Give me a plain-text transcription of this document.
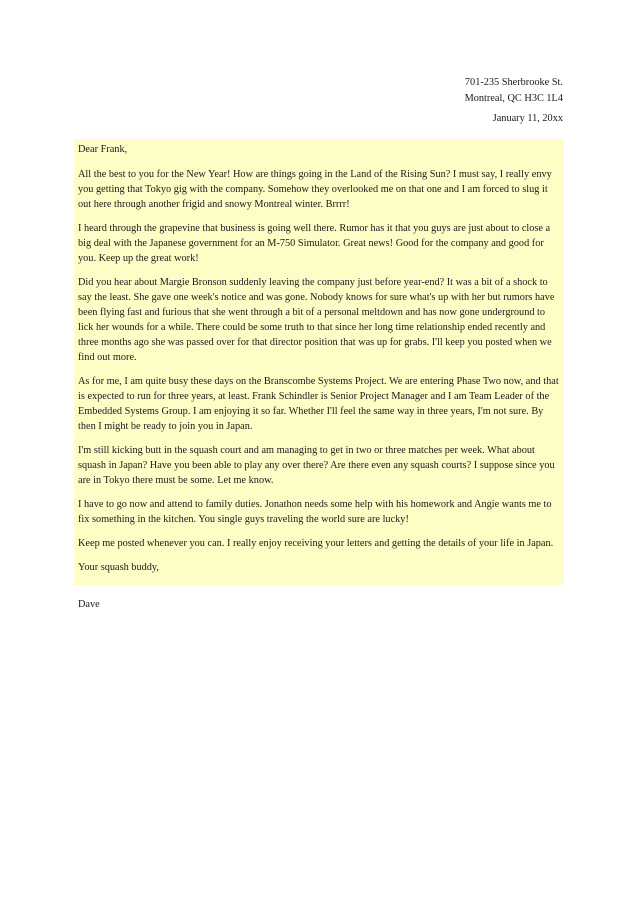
701-235 Sherbrooke St.
Montreal, QC H3C 1L4
January 11, 20xx

Dear Frank,

All the best to you for the New Year! How are things going in the Land of the Rising Sun? I must say, I really envy you getting that Tokyo gig with the company. Somehow they overlooked me on that one and I am forced to slug it out here through another frigid and snowy Montreal winter. Brrrr!

I heard through the grapevine that business is going well there. Rumor has it that you guys are just about to close a big deal with the Japanese government for an M-750 Simulator. Great news! Good for the company and good for you. Keep up the great work!

Did you hear about Margie Bronson suddenly leaving the company just before year-end? It was a bit of a shock to say the least. She gave one week's notice and was gone. Nobody knows for sure what's up with her but rumors have been flying fast and furious that she went through a bit of a personal meltdown and has now gone underground to lick her wounds for a while. There could be some truth to that since her long time relationship ended recently and three months ago she was passed over for that director position that was up for grabs. I'll keep you posted when we find out more.

As for me, I am quite busy these days on the Branscombe Systems Project. We are entering Phase Two now, and that is expected to run for three years, at least. Frank Schindler is Senior Project Manager and I am Team Leader of the Embedded Systems Group. I am enjoying it so far. Whether I'll feel the same way in three years, I'm not sure. By then I might be ready to join you in Japan.

I'm still kicking butt in the squash court and am managing to get in two or three matches per week. What about squash in Japan? Have you been able to play any over there? Are there even any squash courts? I suppose since you are in Tokyo there must be some. Let me know.

I have to go now and attend to family duties. Jonathon needs some help with his homework and Angie wants me to fix something in the kitchen. You single guys traveling the world sure are lucky!

Keep me posted whenever you can. I really enjoy receiving your letters and getting the details of your life in Japan.

Your squash buddy,

Dave
